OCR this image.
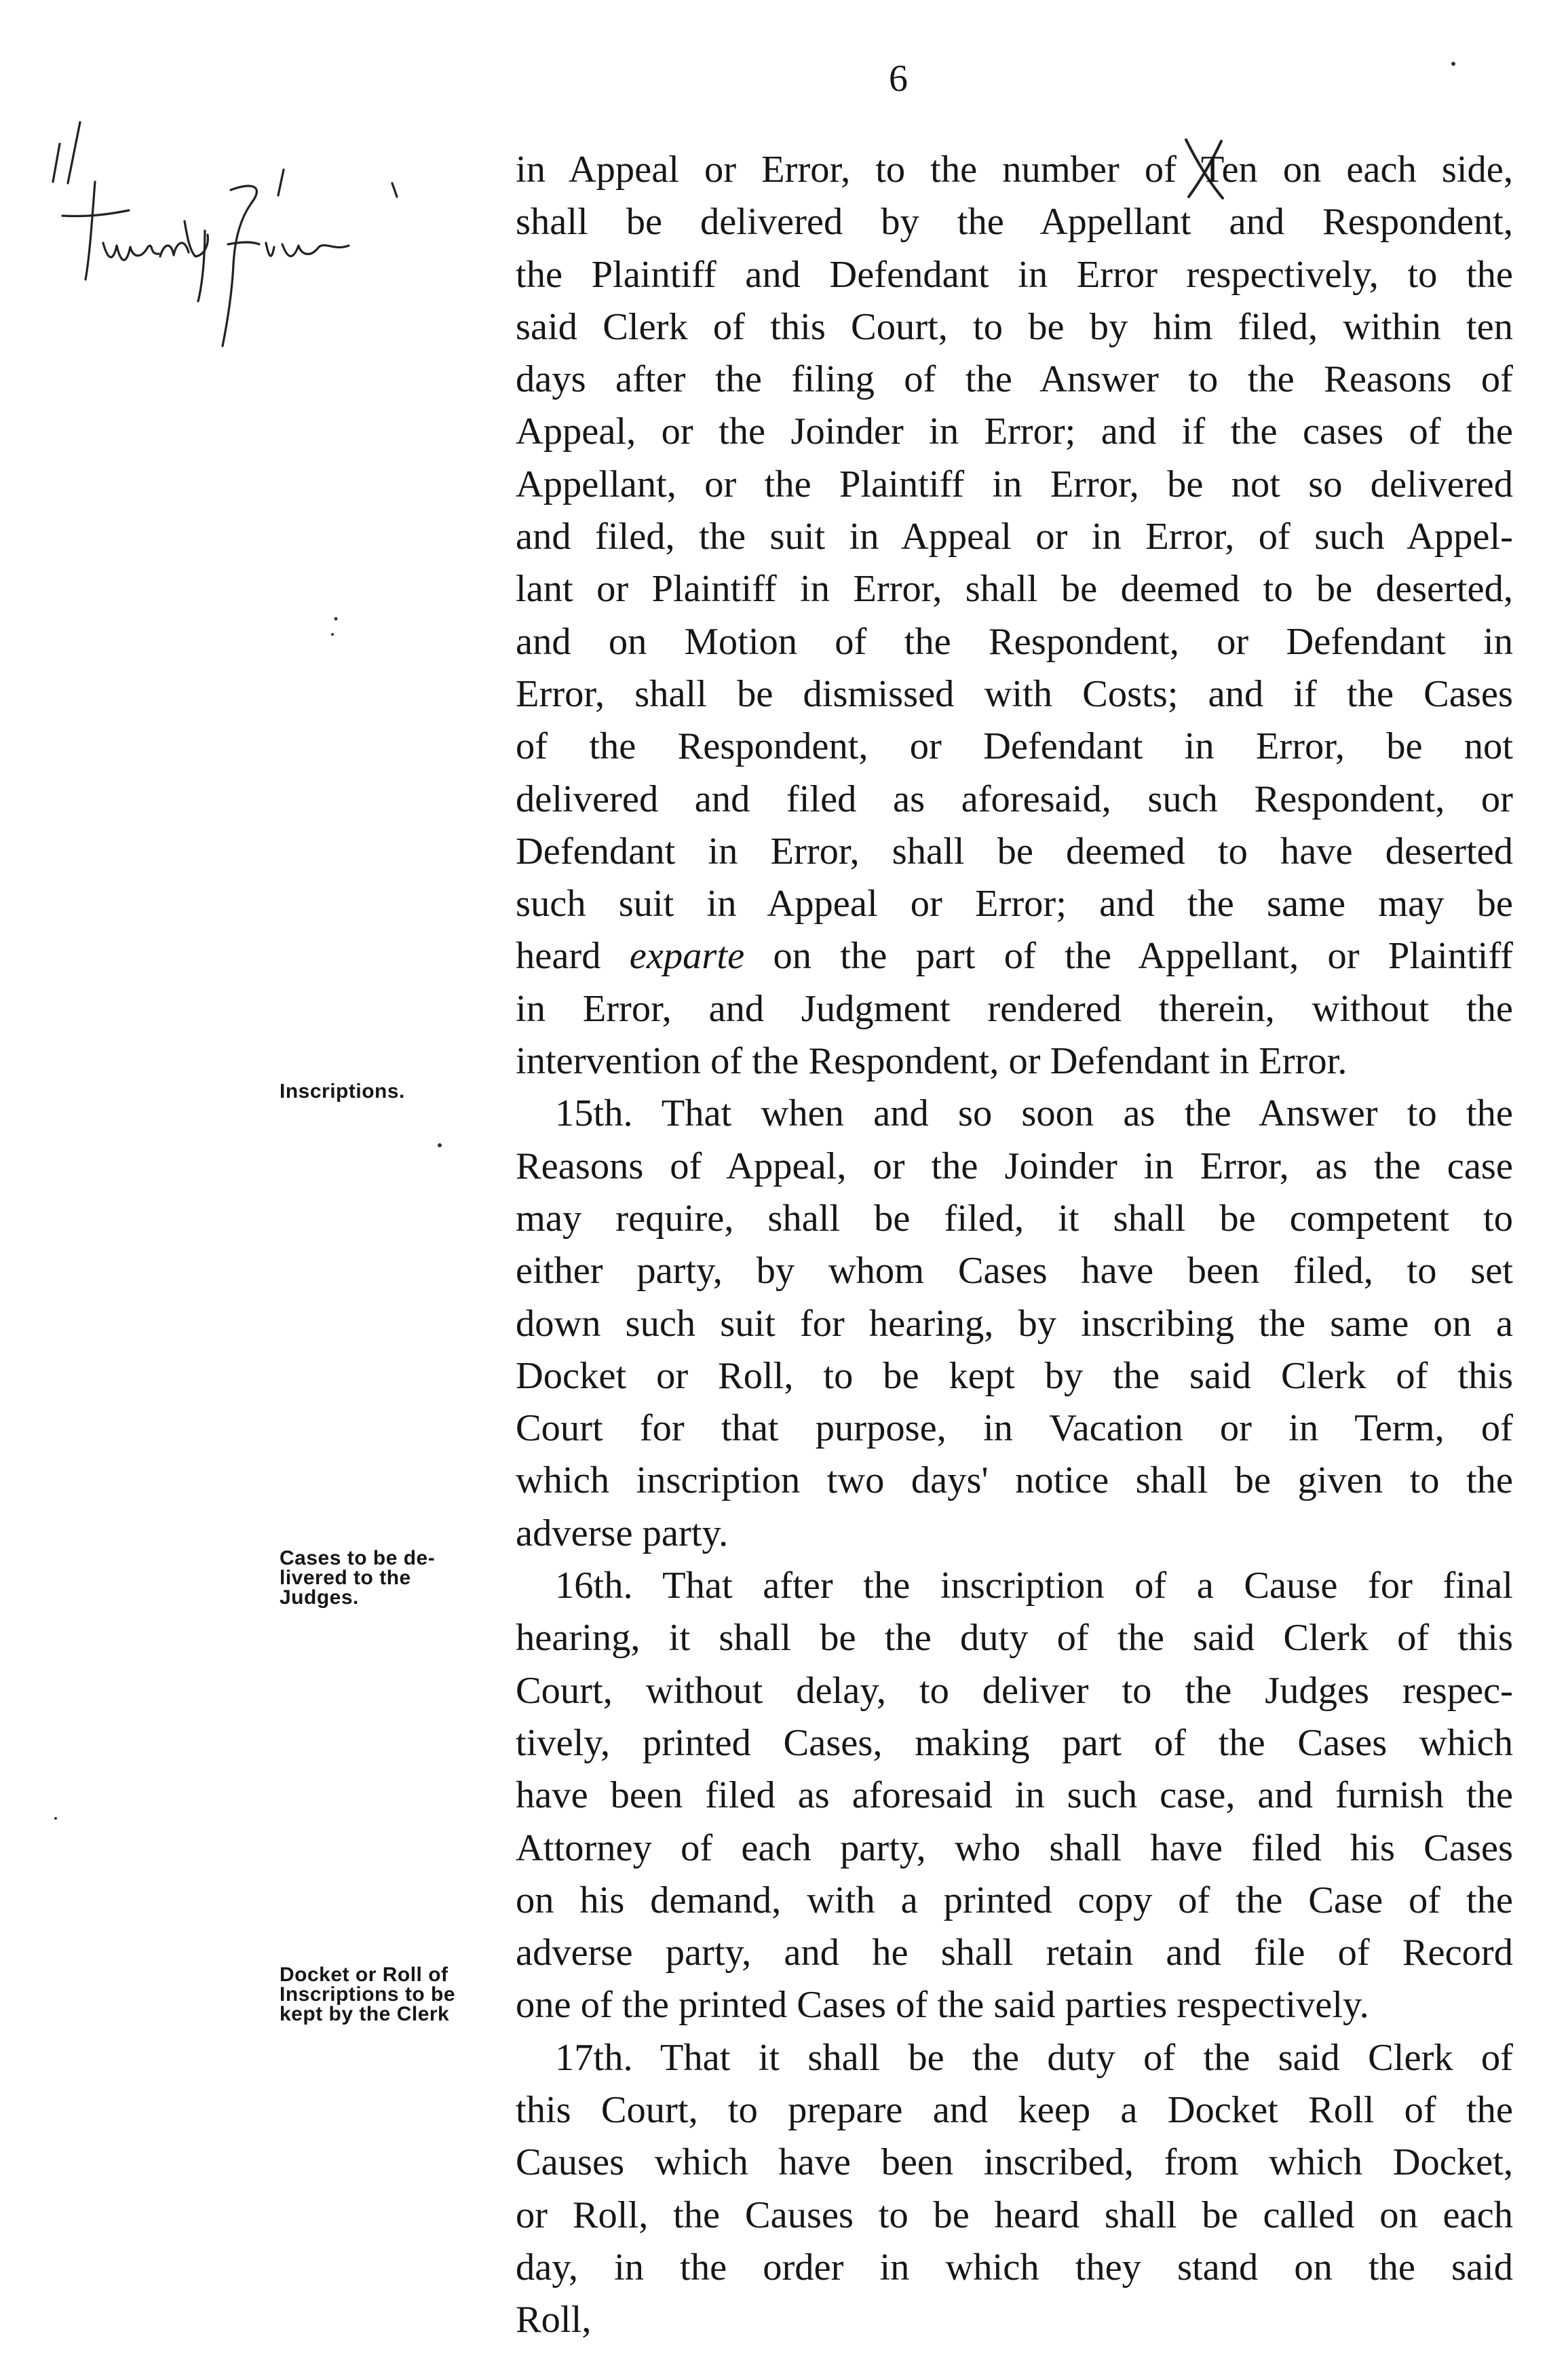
6
Inscriptions.
Cases to be de-
livered to the
Judges.
Docket or Roll of
Inscriptions to be
kept by the Clerk
in Appeal or Error, to the number of Ten on each side,
shall be delivered by the Appellant and Respondent,
the Plaintiff and Defendant in Error respectively, to the
said Clerk of this Court, to be by him filed, within ten
days after the filing of the Answer to the Reasons of
Appeal, or the Joinder in Error; and if the cases of the
Appellant, or the Plaintiff in Error, be not so delivered
and filed, the suit in Appeal or in Error, of such Appel-
lant or Plaintiff in Error, shall be deemed to be deserted,
and on Motion of the Respondent, or Defendant in
Error, shall be dismissed with Costs; and if the Cases
of the Respondent, or Defendant in Error, be not
delivered and filed as aforesaid, such Respondent, or
Defendant in Error, shall be deemed to have deserted
such suit in Appeal or Error; and the same may be
heard exparte on the part of the Appellant, or Plaintiff
in Error, and Judgment rendered therein, without the
intervention of the Respondent, or Defendant in Error.
15th. That when and so soon as the Answer to the
Reasons of Appeal, or the Joinder in Error, as the case
may require, shall be filed, it shall be competent to
either party, by whom Cases have been filed, to set
down such suit for hearing, by inscribing the same on a
Docket or Roll, to be kept by the said Clerk of this
Court for that purpose, in Vacation or in Term, of
which inscription two days' notice shall be given to the
adverse party.
16th. That after the inscription of a Cause for final
hearing, it shall be the duty of the said Clerk of this
Court, without delay, to deliver to the Judges respec-
tively, printed Cases, making part of the Cases which
have been filed as aforesaid in such case, and furnish the
Attorney of each party, who shall have filed his Cases
on his demand, with a printed copy of the Case of the
adverse party, and he shall retain and file of Record
one of the printed Cases of the said parties respectively.
17th. That it shall be the duty of the said Clerk of
this Court, to prepare and keep a Docket Roll of the
Causes which have been inscribed, from which Docket,
or Roll, the Causes to be heard shall be called on each
day, in the order in which they stand on the said
Roll,
